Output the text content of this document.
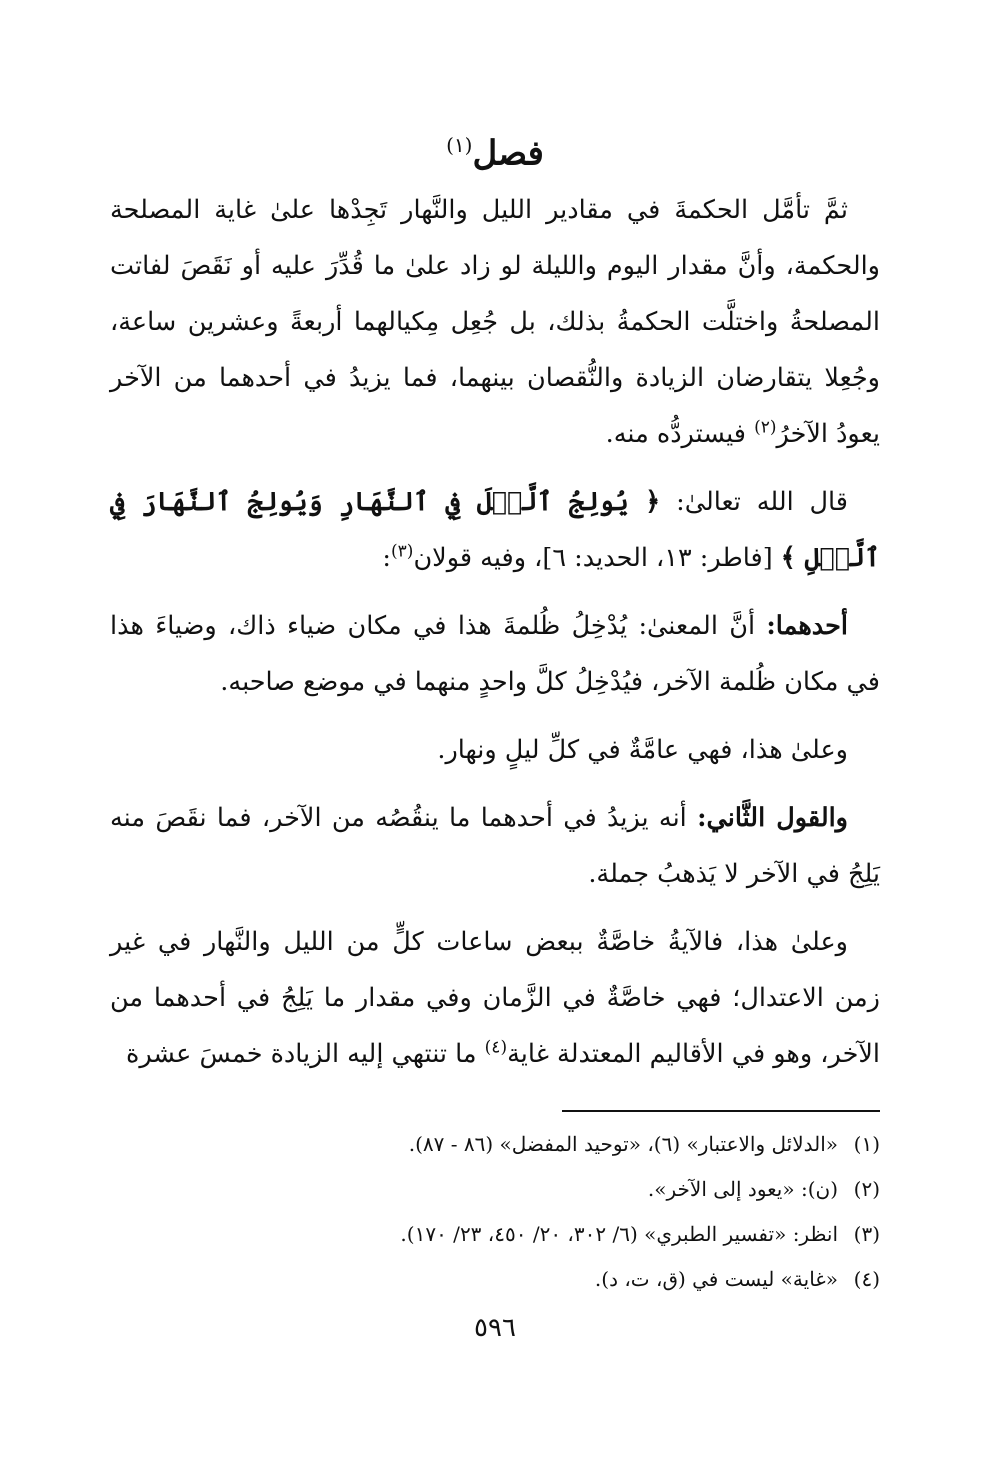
فصل$^{(١)}$

ثمَّ تأمَّل الحكمةَ في مقادير الليل والنَّهار تَجِدْها علىٰ غاية المصلحة والحكمة، وأنَّ مقدار اليوم والليلة لو زاد علىٰ ما قُدِّرَ عليه أو نَقَصَ لفاتت المصلحةُ واختلَّت الحكمةُ بذلك، بل جُعِل مِكيالهما أربعةً وعشرين ساعة، وجُعِلا يتقارضان الزيادة والنُّقصان بينهما، فما يزيدُ في أحدهما من الآخر يعودُ الآخرُ$^{(٢)}$ فيستردُّه منه.

قال الله تعالىٰ: ﴿ يُولِجُ ٱلَّيۡلَ فِي ٱلنَّهَارِ وَيُولِجُ ٱلنَّهَارَ فِي ٱلَّيۡلِ ﴾ [فاطر: ١٣، الحديد: ٦]، وفيه قولان$^{(٣)}$:

أحدهما: أنَّ المعنىٰ: يُدْخِلُ ظُلمةَ هذا في مكان ضياء ذاك، وضياءَ هذا في مكان ظُلمة الآخر، فيُدْخِلُ كلَّ واحدٍ منهما في موضع صاحبه.

وعلىٰ هذا، فهي عامَّةٌ في كلِّ ليلٍ ونهار.

والقول الثَّاني: أنه يزيدُ في أحدهما ما ينقُصُه من الآخر، فما نقَصَ منه يَلِجُ في الآخر لا يَذهبُ جملة.

وعلىٰ هذا، فالآيةُ خاصَّةٌ ببعض ساعات كلٍّ من الليل والنَّهار في غير زمن الاعتدال؛ فهي خاصَّةٌ في الزَّمان وفي مقدار ما يَلِجُ في أحدهما من الآخر، وهو في الأقاليم المعتدلة غاية$^{(٤)}$ ما تنتهي إليه الزيادة خمسَ عشرة

(١)«الدلائل والاعتبار» (٦)، «توحيد المفضل» (٨٦ - ٨٧).

(٢)(ن): «يعود إلى الآخر».

(٣)انظر: «تفسير الطبري» (٦/ ٣٠٢، ٢٠/ ٤٥٠، ٢٣/ ١٧٠).

(٤)«غاية» ليست في (ق، ت، د).

٥٩٦
